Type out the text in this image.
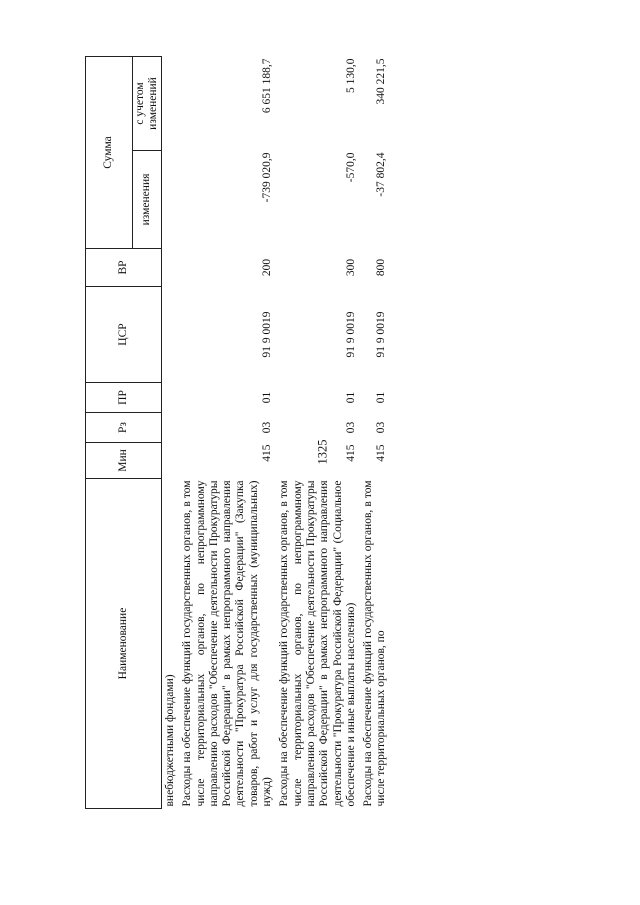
1325
Наименование	Мин	Рз	ПР	ЦСР	ВР	Сумма	
						изменения	с учетом изменений
внебюджетными фондами)							
Расходы на обеспечение функций государственных органов, в том числе территориальных органов, по непрограммному направлению расходов "Обеспечение деятельности Прокуратуры Российской Федерации" в рамках непрограммного направления деятельности "Прокуратура Российской Федерации" (Закупка товаров, работ и услуг для государственных (муниципальных) нужд)	415	03	01	91 9 0019	200	-739 020,9	6 651 188,7
Расходы на обеспечение функций государственных органов, в том числе территориальных органов, по непрограммному направлению расходов "Обеспечение деятельности Прокуратуры Российской Федерации" в рамках непрограммного направления деятельности "Прокуратура Российской Федерации" (Социальное обеспечение и иные выплаты населению)	415	03	01	91 9 0019	300	-570,0	5 130,0
Расходы на обеспечение функций государственных органов, в том числе территориальных органов, по	415	03	01	91 9 0019	800	-37 802,4	340 221,5
